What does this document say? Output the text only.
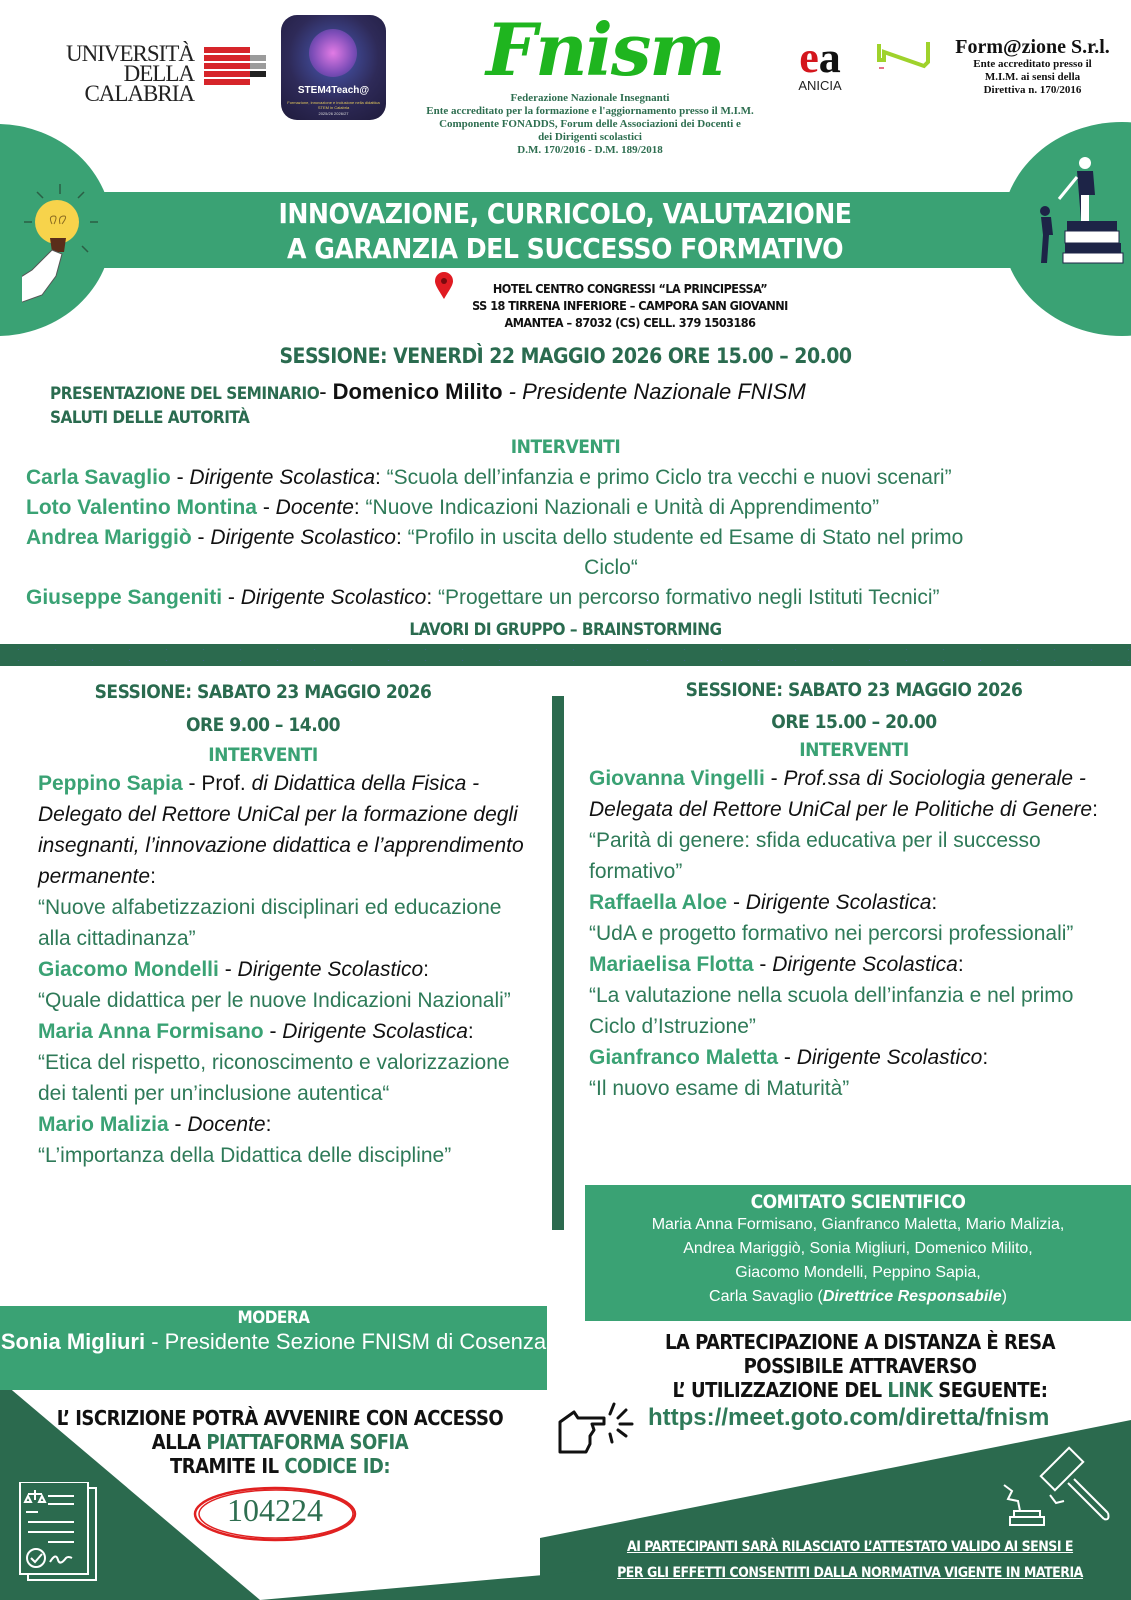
UNIVERSITÀ
DELLA CALABRIA	STEM4Teach@
Formazione, innovazione e inclusione nella didattica STEM in Calabria
2025/26 2026/27
Fnism
Federazione Nazionale Insegnanti
Ente accreditato per la formazione e l'aggiornamento presso il M.I.M.
Componente FONADDS, Forum delle Associazioni dei Docenti e
dei Dirigenti scolastici
D.M. 170/2016 - D.M. 189/2018
ea
ANICIA
Form@zione S.r.l.
Ente accreditato presso il
M.I.M. ai sensi della
Direttiva n. 170/2016
INNOVAZIONE, CURRICOLO, VALUTAZIONE
A GARANZIA DEL SUCCESSO FORMATIVO
HOTEL CENTRO CONGRESSI “LA PRINCIPESSA”
SS 18 TIRRENA INFERIORE – CAMPORA SAN GIOVANNI
AMANTEA – 87032 (CS) CELL. 379 1503186
SESSIONE: VENERDÌ 22 MAGGIO 2026 ORE 15.00 – 20.00
PRESENTAZIONE DEL SEMINARIO- Domenico Milito - Presidente Nazionale FNISM
SALUTI DELLE AUTORITÀ
INTERVENTI
Carla Savaglio - Dirigente Scolastica: “Scuola dell’infanzia e primo Ciclo tra vecchi e nuovi scenari”
Loto Valentino Montina - Docente: “Nuove Indicazioni Nazionali e Unità di Apprendimento”
Andrea Mariggiò - Dirigente Scolastico: “Profilo in uscita dello studente ed Esame di Stato nel primo
Ciclo“
Giuseppe Sangeniti - Dirigente Scolastico: “Progettare un percorso formativo negli Istituti Tecnici”
LAVORI DI GRUPPO – BRAINSTORMING
SESSIONE: SABATO 23 MAGGIO 2026
ORE 9.00 – 14.00
INTERVENTI
Peppino Sapia - Prof. di Didattica della Fisica - Delegato del Rettore UniCal per la formazione degli insegnanti, l’innovazione didattica e l’apprendimento permanente:
“Nuove alfabetizzazioni disciplinari ed educazione alla cittadinanza”
Giacomo Mondelli - Dirigente Scolastico:
“Quale didattica per le nuove Indicazioni Nazionali”
Maria Anna Formisano - Dirigente Scolastica:
“Etica del rispetto, riconoscimento e valorizzazione dei talenti per un’inclusione autentica“
Mario Malizia - Docente:
“L’importanza della Didattica delle discipline”
SESSIONE: SABATO 23 MAGGIO 2026
ORE 15.00 – 20.00
INTERVENTI
Giovanna Vingelli - Prof.ssa di Sociologia generale - Delegata del Rettore UniCal per le Politiche di Genere:
“Parità di genere: sfida educativa per il successo formativo”
Raffaella Aloe - Dirigente Scolastica:
“UdA e progetto formativo nei percorsi professionali”
Mariaelisa Flotta - Dirigente Scolastica:
“La valutazione nella scuola dell’infanzia e nel primo Ciclo d’Istruzione”
Gianfranco Maletta - Dirigente Scolastico:
“Il nuovo esame di Maturità”
COMITATO SCIENTIFICO
Maria Anna Formisano, Gianfranco Maletta, Mario Malizia,
Andrea Mariggiò, Sonia Migliuri, Domenico Milito,
Giacomo Mondelli, Peppino Sapia,
Carla Savaglio (Direttrice Responsabile)
MODERA
Sonia Migliuri - Presidente Sezione FNISM di Cosenza	LA PARTECIPAZIONE A DISTANZA È RESA
POSSIBILE ATTRAVERSO
L’ UTILIZZAZIONE DEL LINK SEGUENTE:
https://meet.goto.com/diretta/fnism
L’ ISCRIZIONE POTRÀ AVVENIRE CON ACCESSO
ALLA PIATTAFORMA SOFIA
TRAMITE IL CODICE ID:
104224
AI PARTECIPANTI SARÀ RILASCIATO L’ATTESTATO VALIDO AI SENSI E
PER GLI EFFETTI CONSENTITI DALLA NORMATIVA VIGENTE IN MATERIA
